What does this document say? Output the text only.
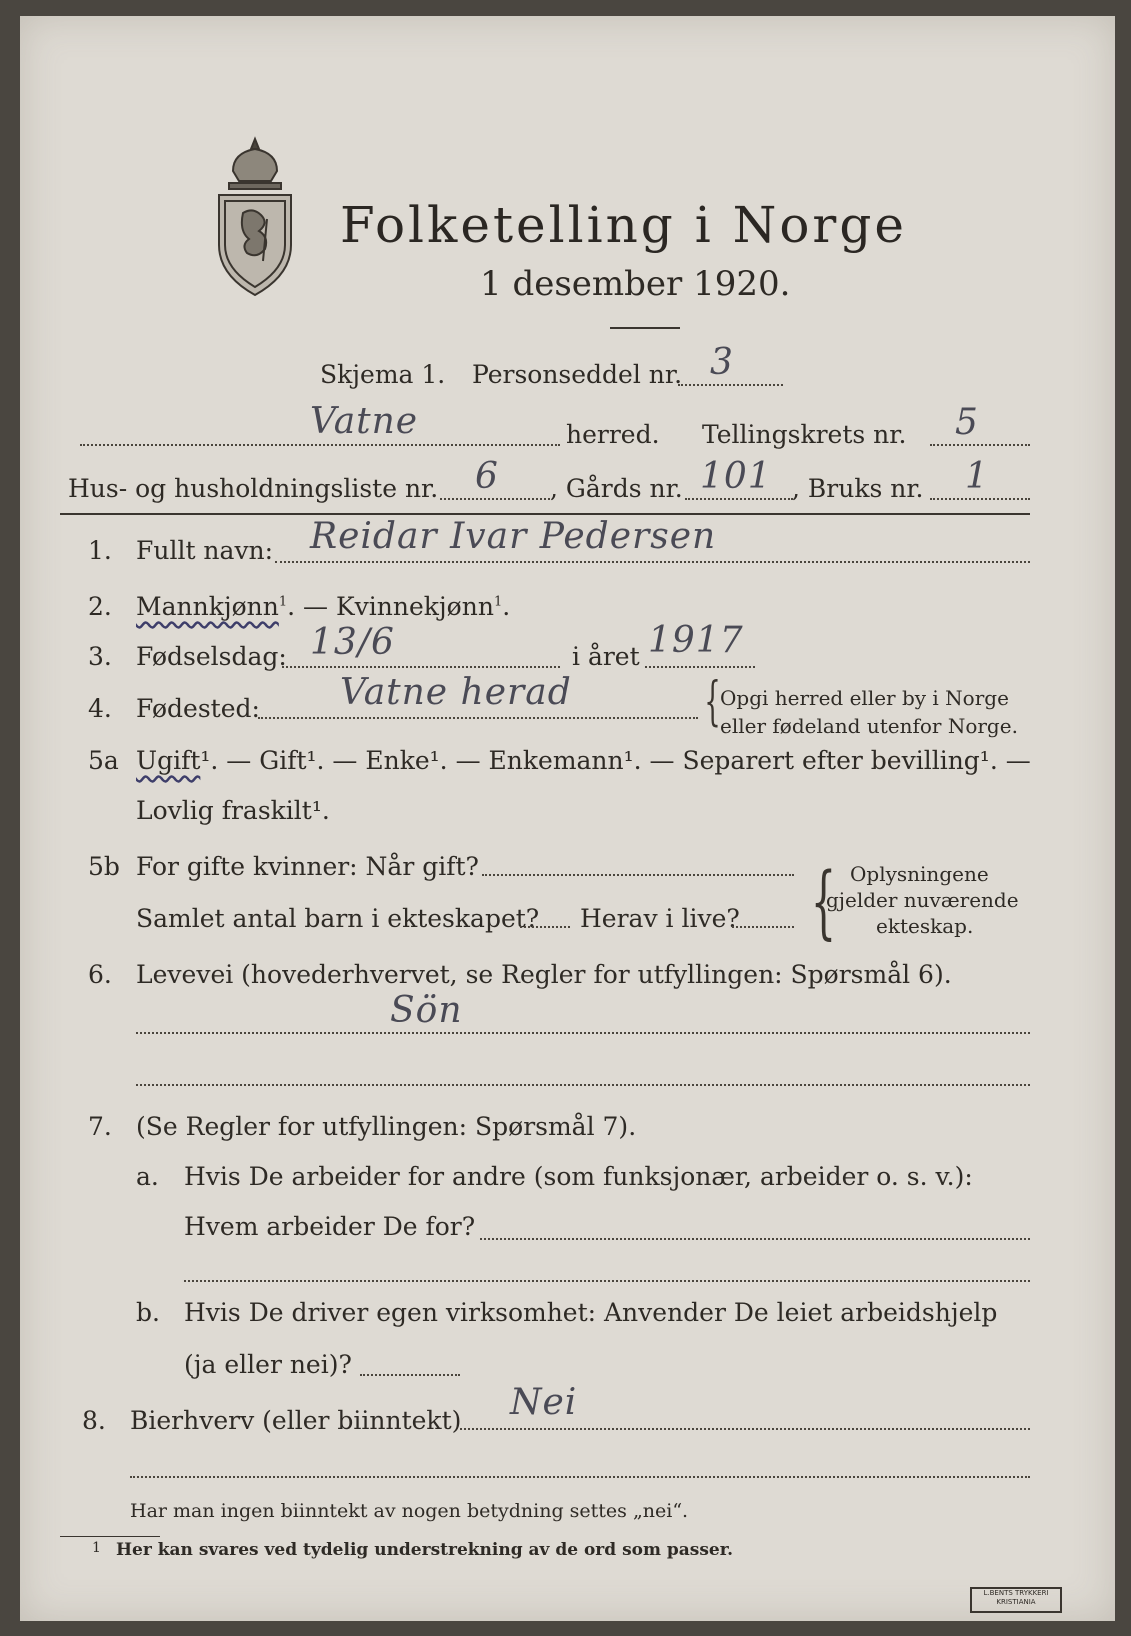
Folketelling i Norge
1 desember 1920.
Skjema 1. Personseddel nr. 3
Vatne	herred. Tellingskrets nr. 5
Hus- og husholdningsliste nr. 6 , Gårds nr. 101 , Bruks nr. 1
1. Fullt navn: Reidar Ivar Pedersen
2. Mannkjønn$^1$. — Kvinnekjønn$^1$.
3. Fødselsdag: 13/6	i året 1917
4. Fødested: Vatne herad	{ Opgi herred eller by i Norge
eller fødeland utenfor Norge.
5a Ugift¹. — Gift¹. — Enke¹. — Enkemann¹. — Separert efter bevilling¹. —
Lovlig fraskilt¹.
5b For gifte kvinner: Når gift?
Samlet antal barn i ekteskapet? Herav i live? { Oplysningene
gjelder nuværende
ekteskap.
6. Levevei (hovederhvervet, se Regler for utfyllingen: Spørsmål 6).
Sön
7. (Se Regler for utfyllingen: Spørsmål 7).
a. Hvis De arbeider for andre (som funksjonær, arbeider o. s. v.):
Hvem arbeider De for?
b. Hvis De driver egen virksomhet: Anvender De leiet arbeidshjelp
(ja eller nei)?
8. Bierhverv (eller biinntekt) Nei
Har man ingen biinntekt av nogen betydning settes „nei“.
1 Her kan svares ved tydelig understrekning av de ord som passer.
L.BENTS TRYKKERI KRISTIANIA
